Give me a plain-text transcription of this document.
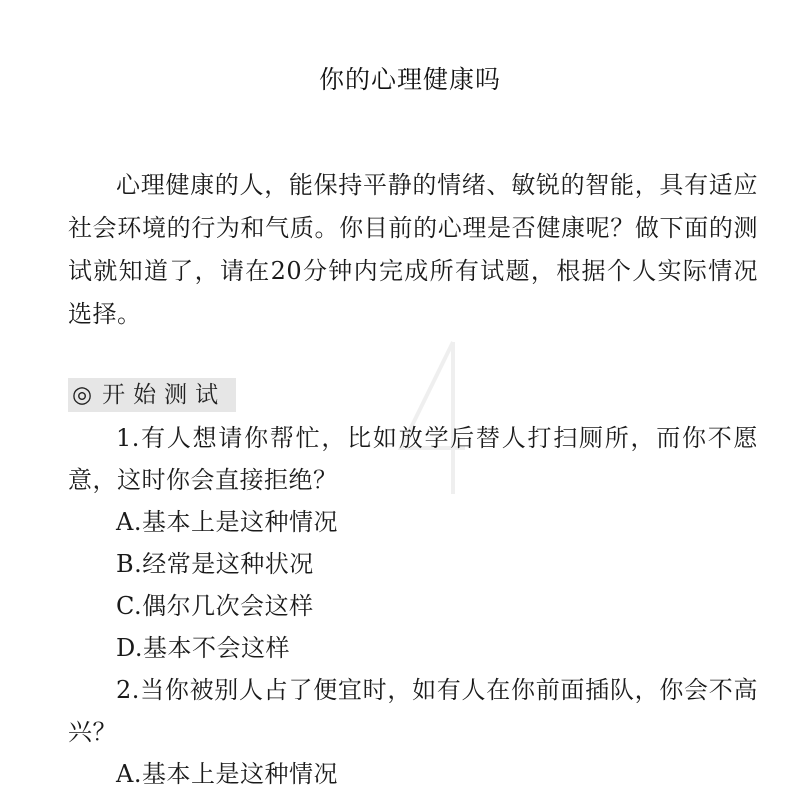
你的心理健康吗

心理健康的人，能保持平静的情绪、敏锐的智能，具有适应社会环境的行为和气质。你目前的心理是否健康呢？做下面的测试就知道了，请在20分钟内完成所有试题，根据个人实际情况选择。

◎ 开始测试

1.有人想请你帮忙，比如放学后替人打扫厕所，而你不愿意，这时你会直接拒绝？

A.基本上是这种情况

B.经常是这种状况

C.偶尔几次会这样

D.基本不会这样

2.当你被别人占了便宜时，如有人在你前面插队，你会不高兴？

A.基本上是这种情况
